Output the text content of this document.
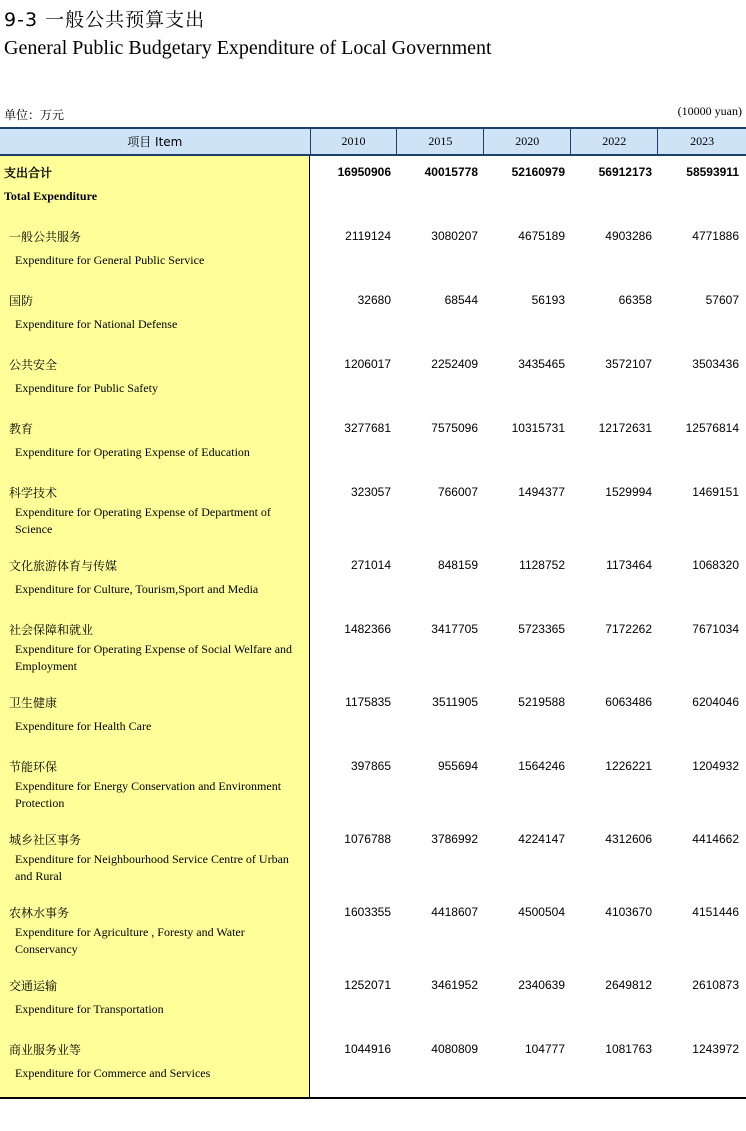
9-3 一般公共预算支出
General Public Budgetary Expenditure of Local Government
单位：万元	(10000 yuan)
项目 Item	2010	2015	2020	2022	2023
支出合计	16950906	40015778	52160979	56912173	58593911
Total Expenditure
一般公共服务	2119124	3080207	4675189	4903286	4771886
Expenditure for General Public Service
国防	32680	68544	56193	66358	57607
Expenditure for National Defense
公共安全	1206017	2252409	3435465	3572107	3503436
Expenditure for Public Safety
教育	3277681	7575096	10315731	12172631	12576814
Expenditure for Operating Expense of Education
科学技术	323057	766007	1494377	1529994	1469151
Expenditure for Operating Expense of Department of Science
文化旅游体育与传媒	271014	848159	1128752	1173464	1068320
Expenditure for Culture, Tourism,Sport and Media
社会保障和就业	1482366	3417705	5723365	7172262	7671034
Expenditure for Operating Expense of Social Welfare and Employment
卫生健康	1175835	3511905	5219588	6063486	6204046
Expenditure for Health Care
节能环保	397865	955694	1564246	1226221	1204932
Expenditure for Energy Conservation and Environment Protection
城乡社区事务	1076788	3786992	4224147	4312606	4414662
Expenditure for Neighbourhood Service Centre of Urban and Rural
农林水事务	1603355	4418607	4500504	4103670	4151446
Expenditure for Agriculture , Foresty and Water Conservancy
交通运输	1252071	3461952	2340639	2649812	2610873
Expenditure for Transportation
商业服务业等	1044916	4080809	104777	1081763	1243972
Expenditure for Commerce and Services
